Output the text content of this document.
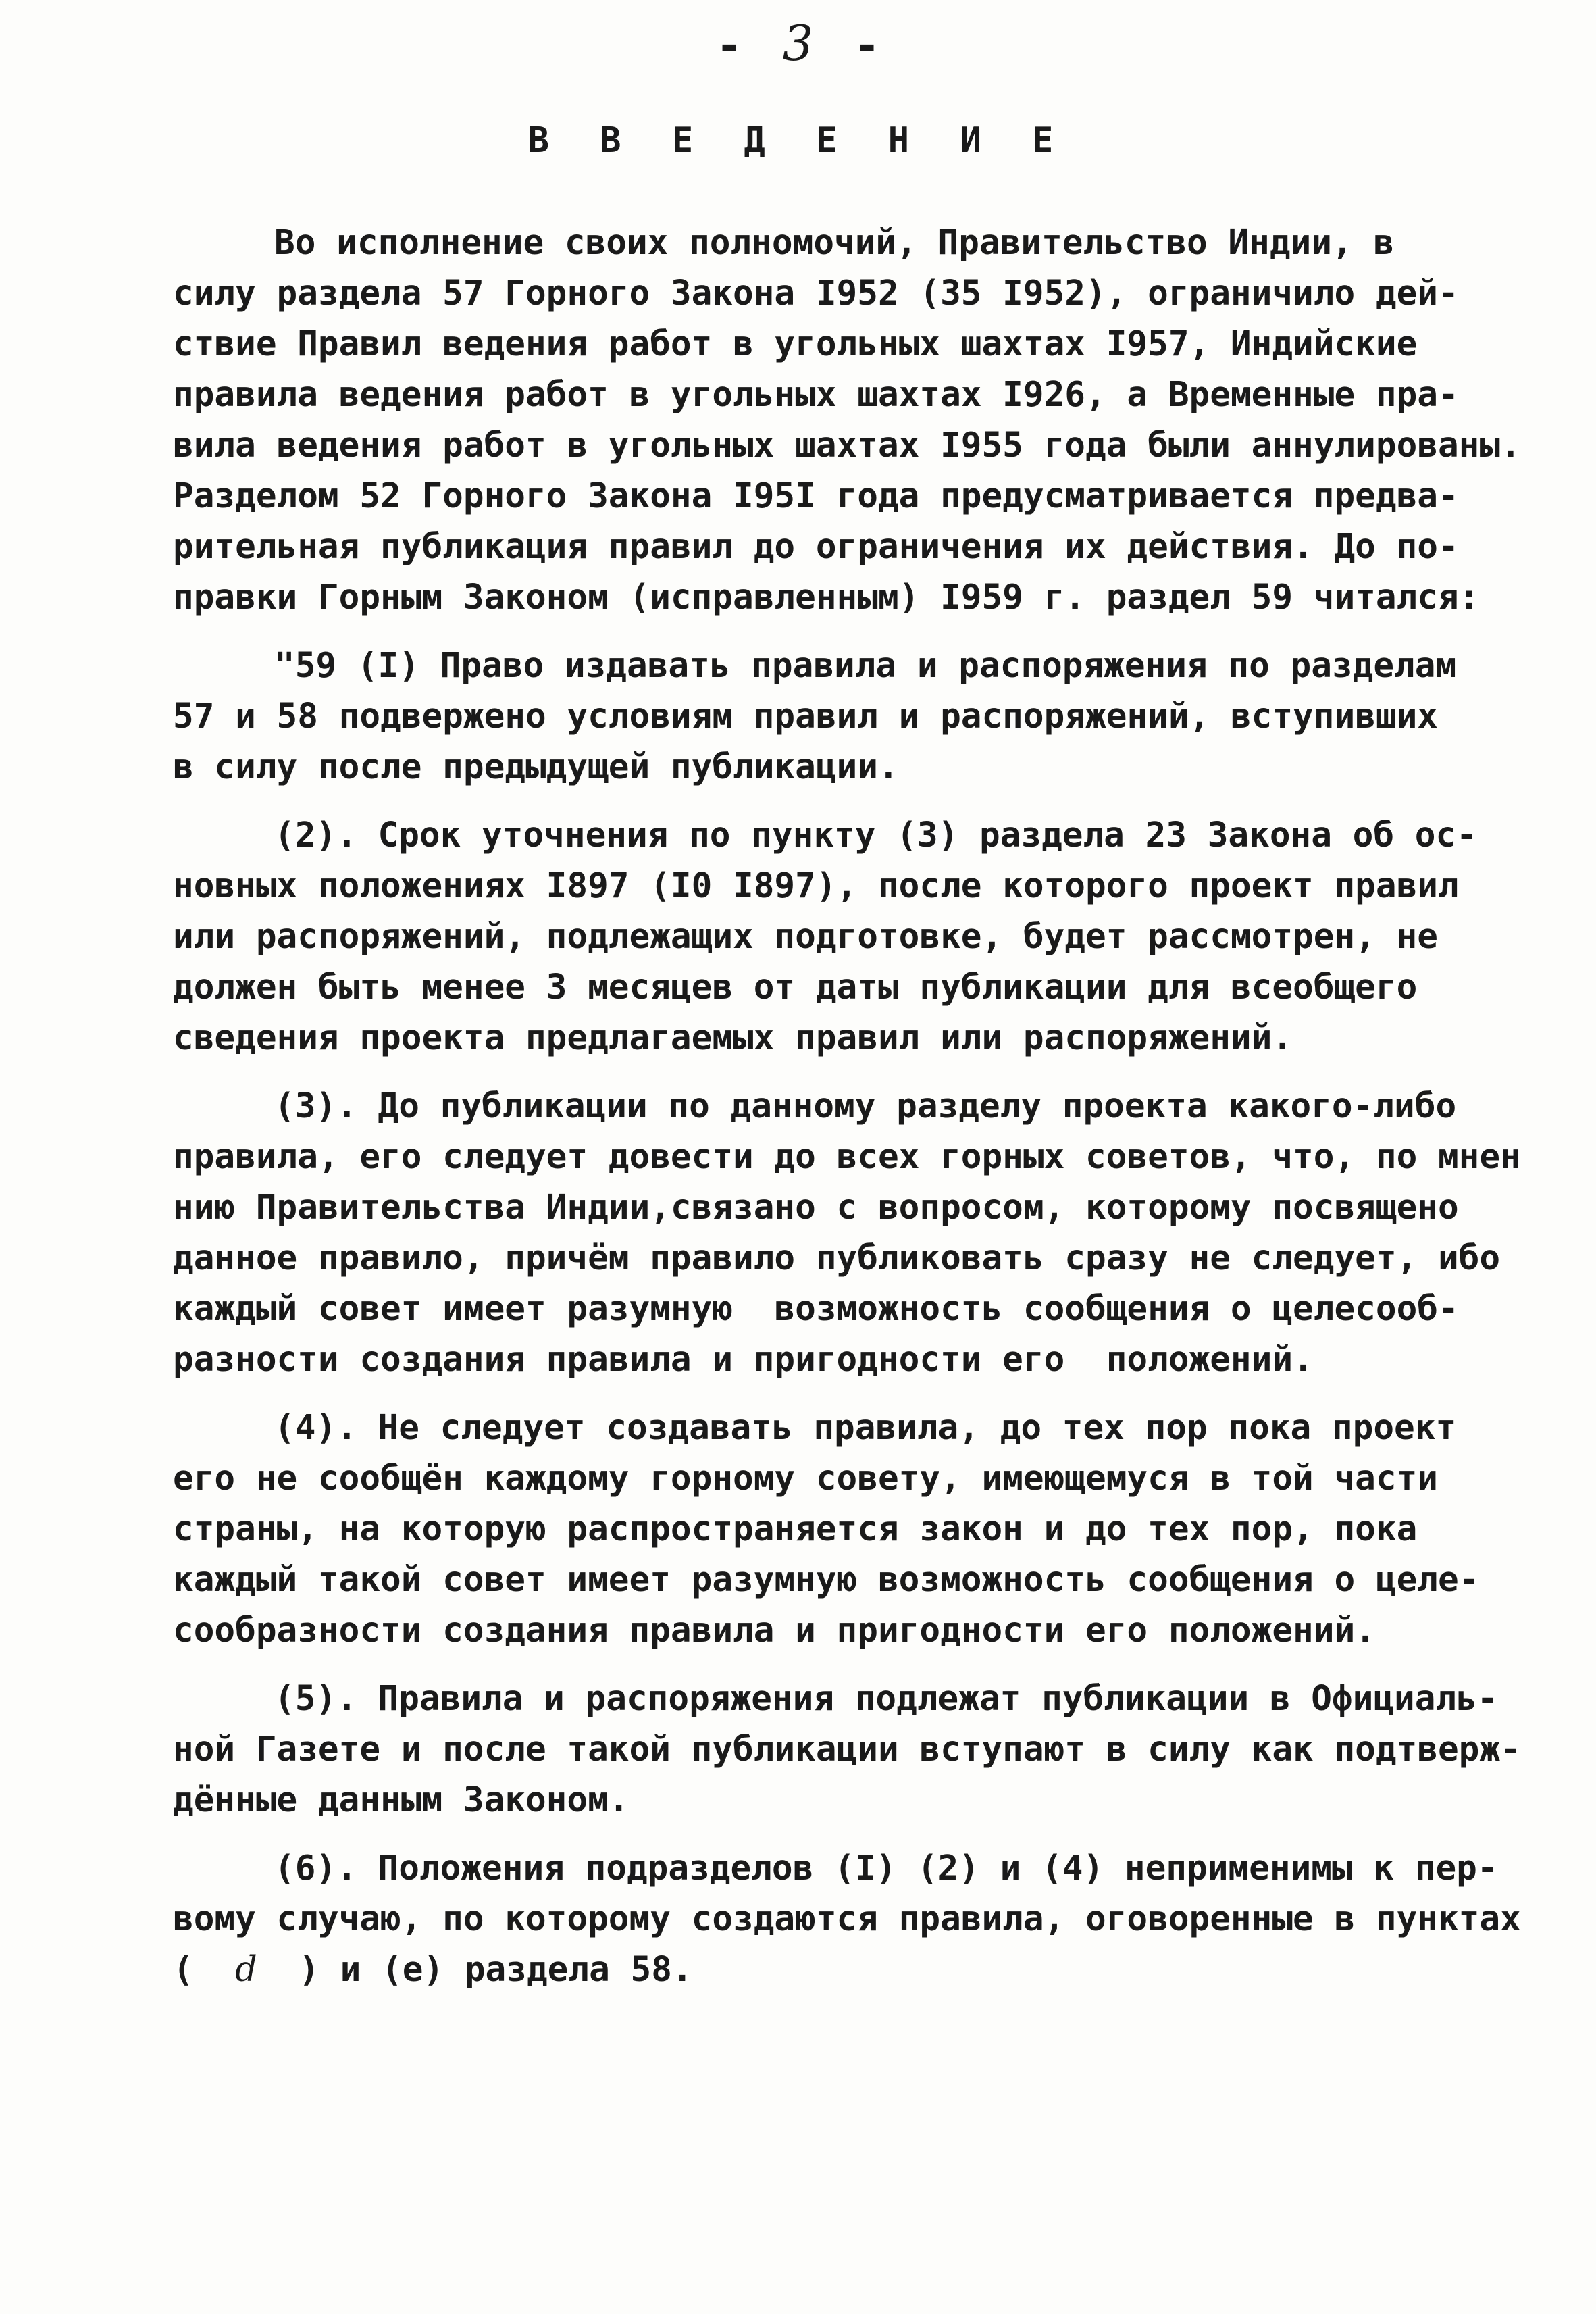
- 3 -
В В Е Д Е Н И Е
Во исполнение своих полномочий, Правительство Индии, в
силу раздела 57 Горного Закона I952 (35 I952), ограничило дей-
ствие Правил ведения работ в угольных шахтах I957, Индийские
правила ведения работ в угольных шахтах I926, а Временные пра-
вила ведения работ в угольных шахтах I955 года были аннулированы.
Разделом 52 Горного Закона I95I года предусматривается предва-
рительная публикация правил до ограничения их действия. До по-
правки Горным Законом (исправленным) I959 г. раздел 59 читался:
"59 (I) Право издавать правила и распоряжения по разделам
57 и 58 подвержено условиям правил и распоряжений, вступивших
в силу после предыдущей публикации.
(2). Срок уточнения по пункту (3) раздела 23 Закона об ос-
новных положениях I897 (I0 I897), после которого проект правил
или распоряжений, подлежащих подготовке, будет рассмотрен, не
должен быть менее 3 месяцев от даты публикации для всеобщего
сведения проекта предлагаемых правил или распоряжений.
(3). До публикации по данному разделу проекта какого-либо
правила, его следует довести до всех горных советов, что, по мнен
нию Правительства Индии,связано с вопросом, которому посвящено
данное правило, причём правило публиковать сразу не следует, ибо
каждый совет имеет разумную  возможность сообщения о целесооб-
разности создания правила и пригодности его  положений.
(4). Не следует создавать правила, до тех пор пока проект
его не сообщён каждому горному совету, имеющемуся в той части
страны, на которую распространяется закон и до тех пор, пока
каждый такой совет имеет разумную возможность сообщения о целе-
сообразности создания правила и пригодности его положений.
(5). Правила и распоряжения подлежат публикации в Официаль-
ной Газете и после такой публикации вступают в силу как подтверж-
дённые данным Законом.
(6). Положения подразделов (I) (2) и (4) неприменимы к пер-
вому случаю, по которому создаются правила, оговоренные в пунктах
( d ) и (е) раздела 58.
